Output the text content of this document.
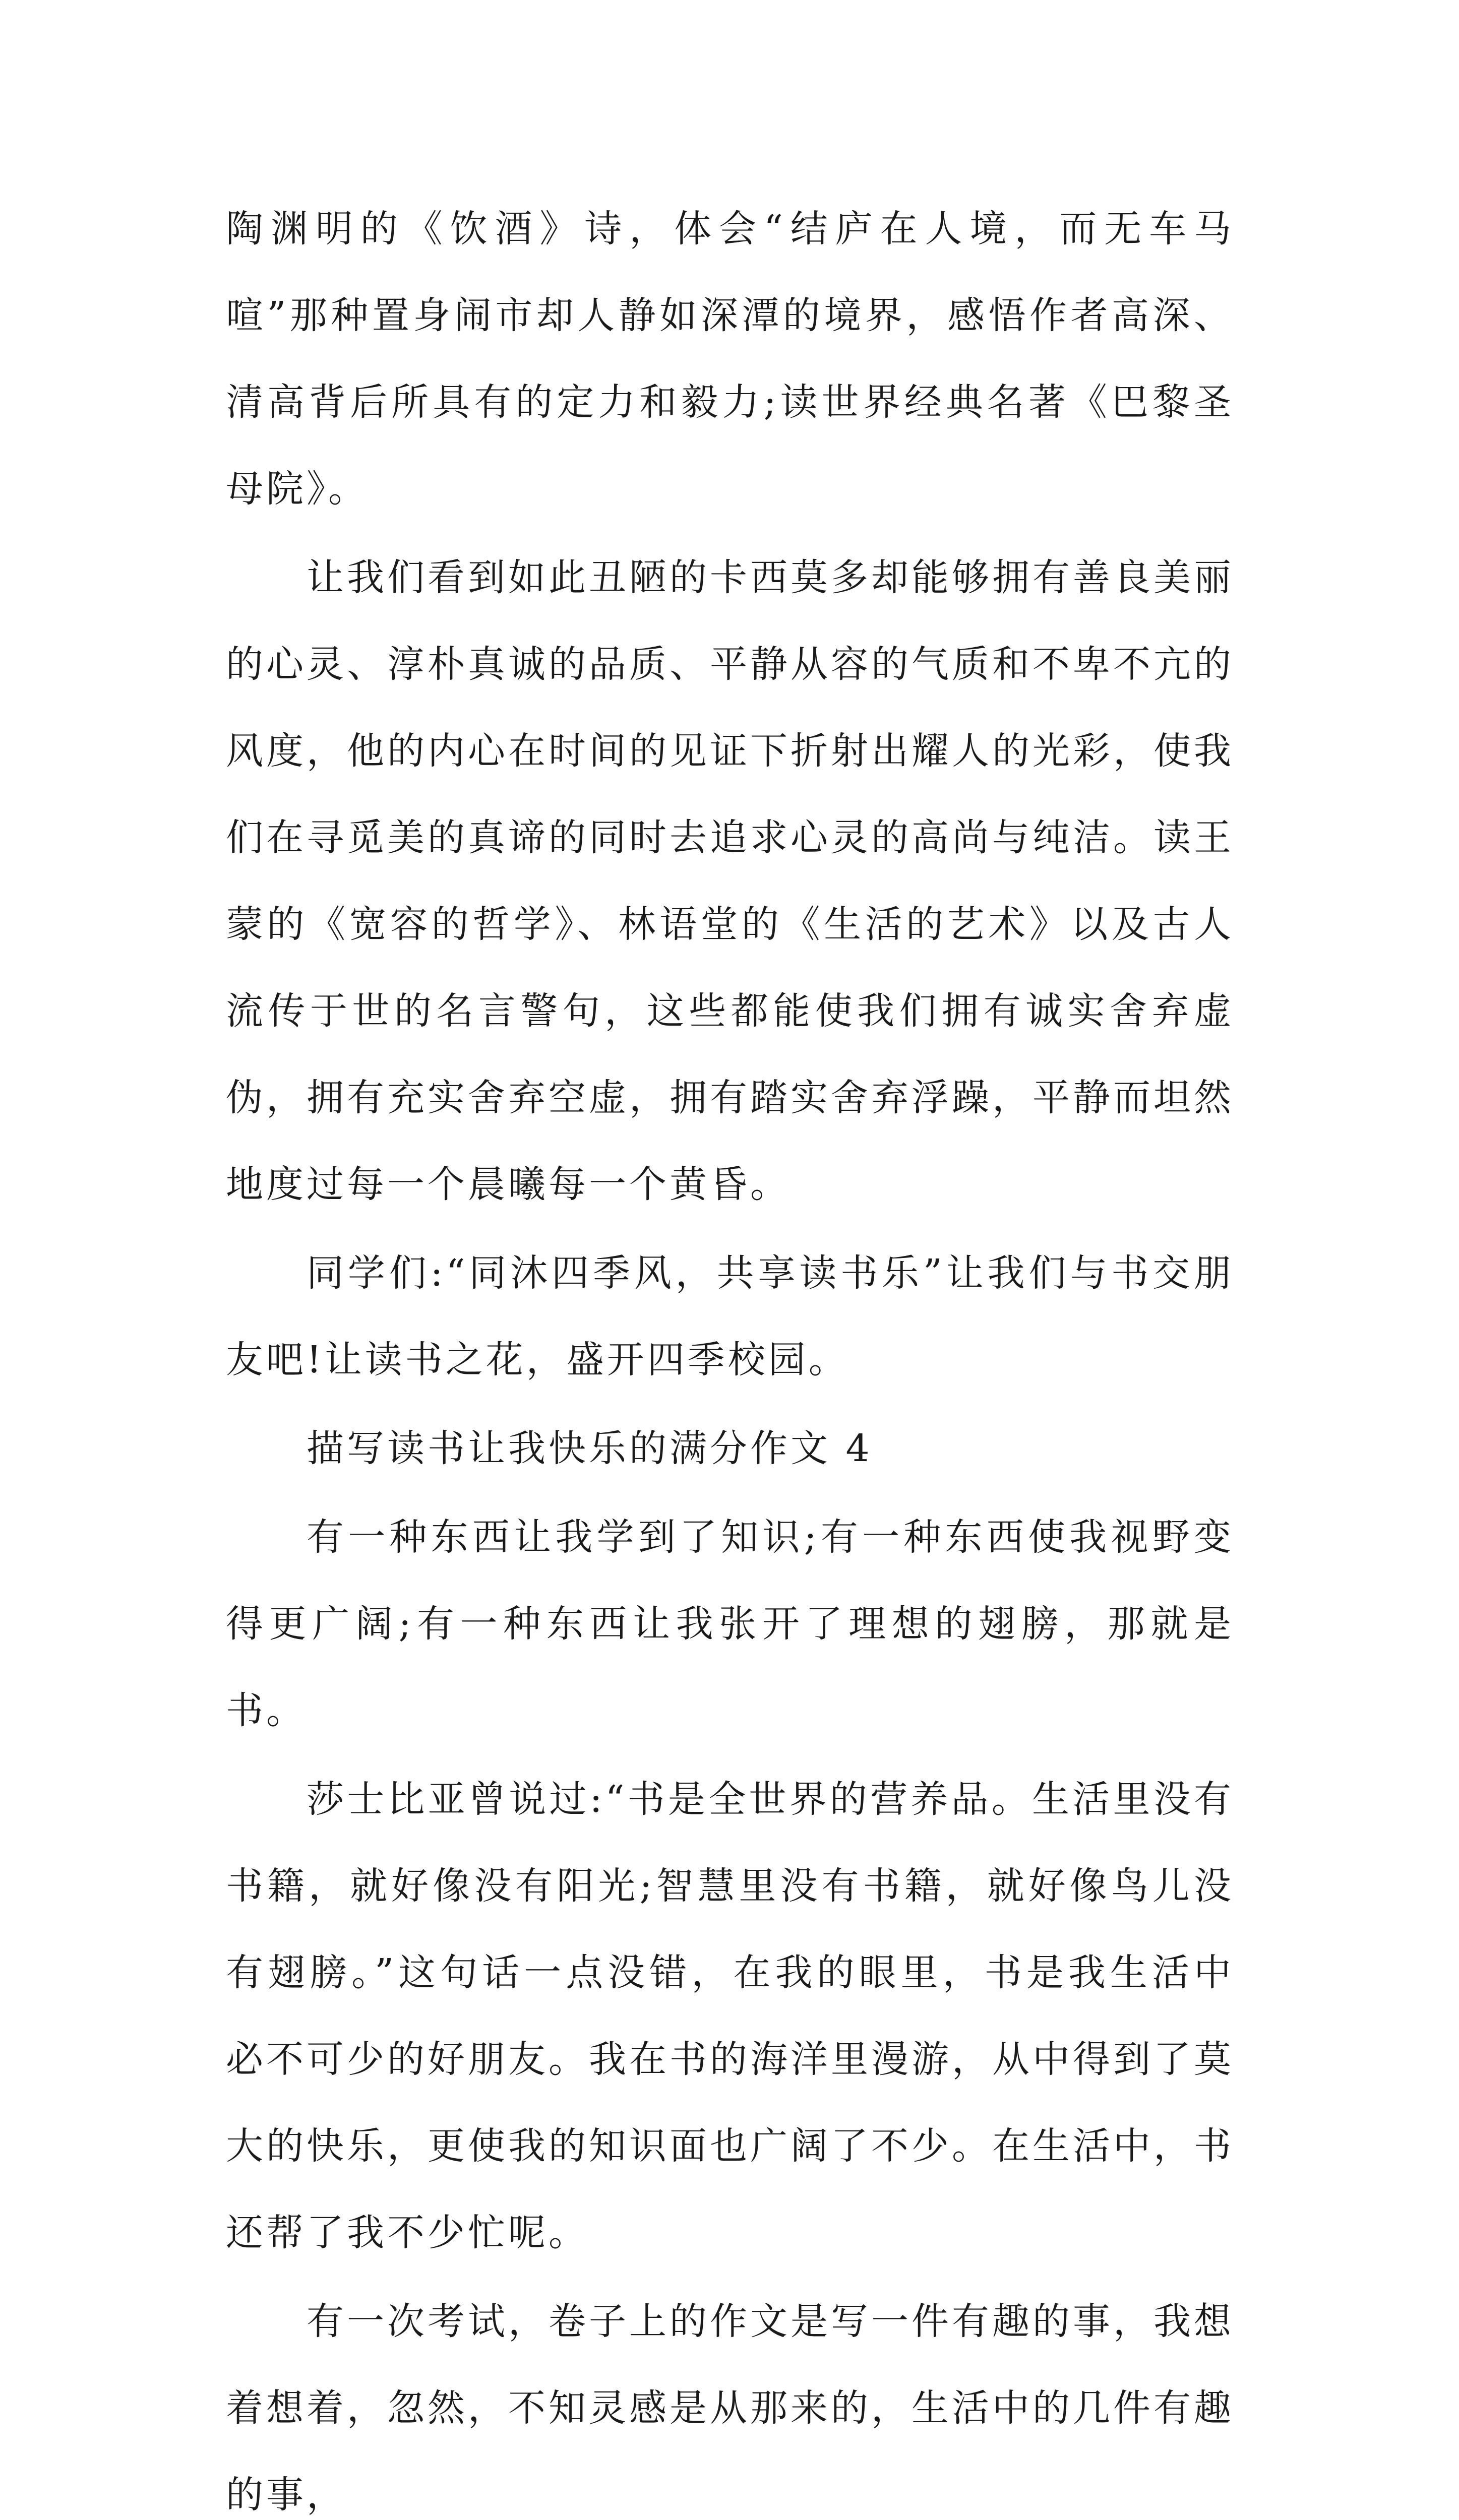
陶渊明的《饮酒》诗，体会“结庐在人境，而无车马喧”那种置身闹市却人静如深潭的境界，感悟作者高深、清高背后所具有的定力和毅力;读世界经典名著《巴黎圣母院》。

让我们看到如此丑陋的卡西莫多却能够拥有善良美丽的心灵、淳朴真诚的品质、平静从容的气质和不卑不亢的风度，他的内心在时间的见证下折射出耀人的光彩，使我们在寻觅美的真谛的同时去追求心灵的高尚与纯洁。读王蒙的《宽容的哲学》、林语堂的《生活的艺术》以及古人流传于世的名言警句，这些都能使我们拥有诚实舍弃虚伪，拥有充实舍弃空虚，拥有踏实舍弃浮躁，平静而坦然地度过每一个晨曦每一个黄昏。

同学们:“同沐四季风，共享读书乐”让我们与书交朋友吧!让读书之花，盛开四季校园。

描写读书让我快乐的满分作文 4

有一种东西让我学到了知识;有一种东西使我视野变得更广阔;有一种东西让我张开了理想的翅膀，那就是书。

莎士比亚曾说过:“书是全世界的营养品。生活里没有书籍，就好像没有阳光;智慧里没有书籍，就好像鸟儿没有翅膀。”这句话一点没错，在我的眼里，书是我生活中必不可少的好朋友。我在书的海洋里漫游，从中得到了莫大的快乐，更使我的知识面也广阔了不少。在生活中，书还帮了我不少忙呢。

有一次考试，卷子上的作文是写一件有趣的事，我想着想着，忽然，不知灵感是从那来的，生活中的几件有趣的事，
